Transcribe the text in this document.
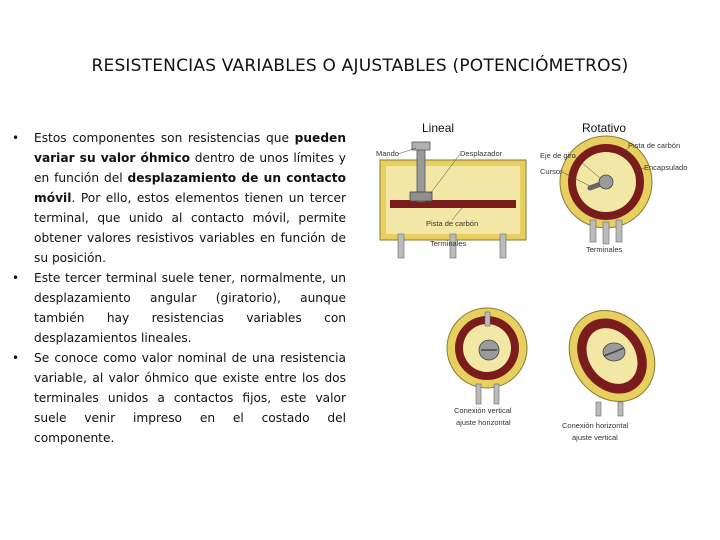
RESISTENCIAS VARIABLES O AJUSTABLES (POTENCIÓMETROS)
• Estos componentes son resistencias que pueden variar su valor óhmico dentro de unos límites y en función del desplazamiento de un contacto móvil. Por ello, estos elementos tienen un tercer terminal, que unido al contacto móvil, permite obtener valores resistivos variables en función de su posición.
• Este tercer terminal suele tener, normalmente, un desplazamiento angular (giratorio), aunque también hay resistencias variables con desplazamientos lineales.
• Se conoce como valor nominal de una resistencia variable, al valor óhmico que existe entre los dos terminales unidos a contactos fijos, este valor suele venir impreso en el costado del componente.
Lineal
Mando	Desplazador
Pista de carbón
Terminales
Rotativo
Pista de carbón
Eje de giro
Cursor	Encapsulado
Terminales
Conexión vertical
ajuste horizontal	Conexión horizontal
ajuste vertical
